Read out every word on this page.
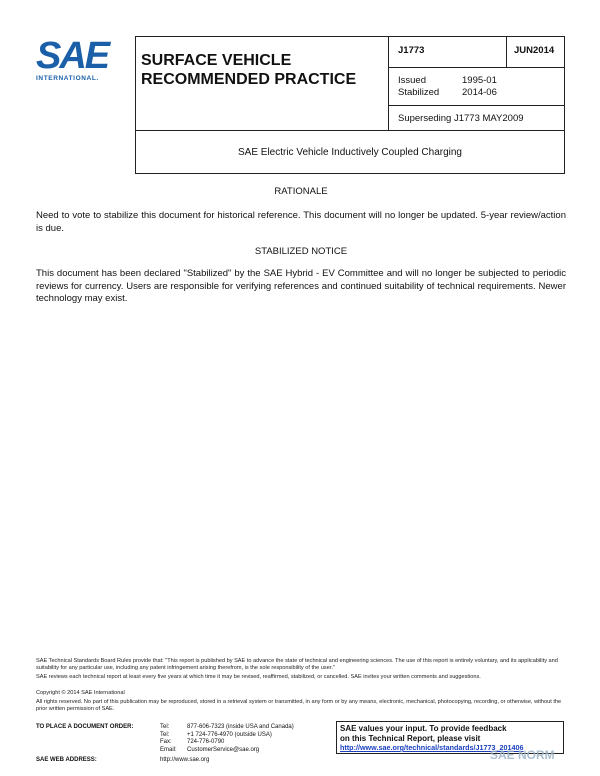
SAE
INTERNATIONAL.
SURFACE VEHICLE
RECOMMENDED PRACTICE
J1773	JUN2014
Issued	1995-01
Stabilized 2014-06
Superseding J1773 MAY2009
SAE Electric Vehicle Inductively Coupled Charging
RATIONALE
Need to vote to stabilize this document for historical reference. This document will no longer be updated. 5-year review/action is due.
STABILIZED NOTICE
This document has been declared "Stabilized" by the SAE Hybrid - EV Committee and will no longer be subjected to periodic reviews for currency. Users are responsible for verifying references and continued suitability of technical requirements. Newer technology may exist.
SAE Technical Standards Board Rules provide that: "This report is published by SAE to advance the state of technical and engineering sciences. The use of this report is entirely voluntary, and its applicability and suitability for any particular use, including any patent infringement arising therefrom, is the sole responsibility of the user."
SAE reviews each technical report at least every five years at which time it may be revised, reaffirmed, stabilized, or cancelled. SAE invites your written comments and suggestions.
Copyright © 2014 SAE International
All rights reserved. No part of this publication may be reproduced, stored in a retrieval system or transmitted, in any form or by any means, electronic, mechanical, photocopying, recording, or otherwise, without the prior written permission of SAE.
TO PLACE A DOCUMENT ORDER:	Tel:	877-606-7323 (inside USA and Canada)
Tel:	+1 724-776-4970 (outside USA)
Fax:	724-776-0790
Email: CustomerService@sae.org
SAE WEB ADDRESS:	http://www.sae.org
SAE values your input. To provide feedback
on this Technical Report, please visit
http://www.sae.org/technical/standards/J1773_201406
SAE NORM
